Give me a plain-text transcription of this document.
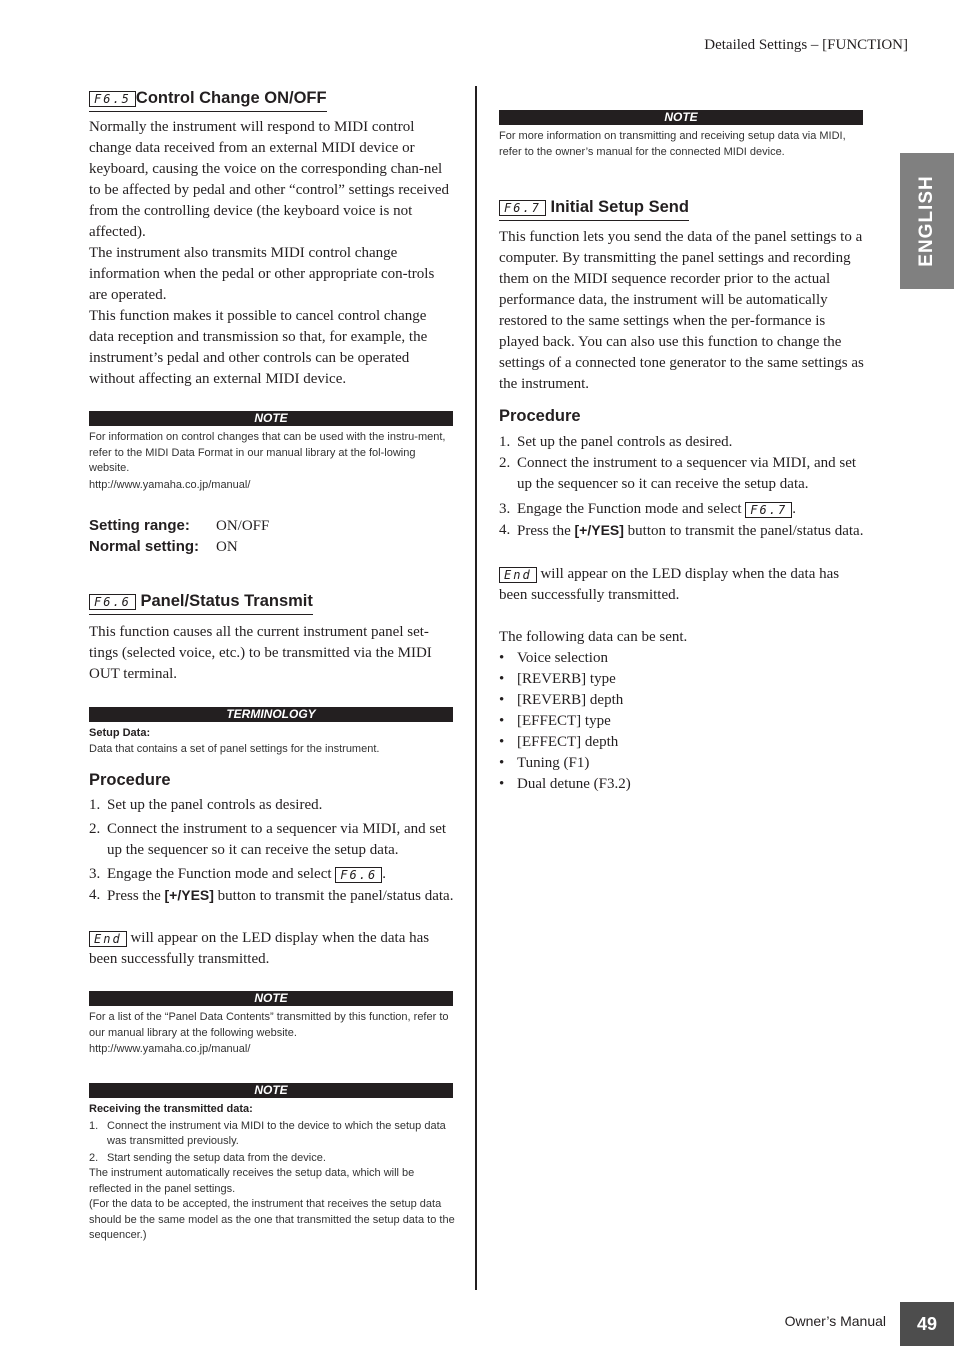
Detailed Settings – [FUNCTION]
ENGLISH
Owner’s Manual	49
F6.5 Control Change ON/OFF

Normally the instrument will respond to MIDI control change data received from an external MIDI device or keyboard, causing the voice on the corresponding chan-nel to be affected by pedal and other “control” settings received from the controlling device (the keyboard voice is not affected).

The instrument also transmits MIDI control change information when the pedal or other appropriate con-trols are operated.

This function makes it possible to cancel control change data reception and transmission so that, for example, the instrument’s pedal and other controls can be operated without affecting an external MIDI device.

NOTE

For information on control changes that can be used with the instru-ment, refer to the MIDI Data Format in our manual library at the fol-lowing website.

http://www.yamaha.co.jp/manual/

Setting range: ON/OFF
Normal setting: ON
F6.6 Panel/Status Transmit

This function causes all the current instrument panel set-tings (selected voice, etc.) to be transmitted via the MIDI OUT terminal.

TERMINOLOGY

Setup Data:

Data that contains a set of panel settings for the instrument.

Procedure
1. Set up the panel controls as desired.
2. Connect the instrument to a sequencer via MIDI, and set up the sequencer so it can receive the setup data.
3. Engage the Function mode and select F6.6 .
4. Press the [+/YES] button to transmit the panel/status data.
End will appear on the LED display when the data has been successfully transmitted.
NOTE

For a list of the “Panel Data Contents” transmitted by this function, refer to our manual library at the following website.

http://www.yamaha.co.jp/manual/

NOTE

Receiving the transmitted data:

1. Connect the instrument via MIDI to the device to which the setup data was transmitted previously.
2. Start sending the setup data from the device.

The instrument automatically receives the setup data, which will be reflected in the panel settings.

(For the data to be accepted, the instrument that receives the setup data should be the same model as the one that transmitted the setup data to the sequencer.)

NOTE

For more information on transmitting and receiving setup data via MIDI, refer to the owner’s manual for the connected MIDI device.

F6.7 Initial Setup Send

This function lets you send the data of the panel settings to a computer. By transmitting the panel settings and recording them on the MIDI sequence recorder prior to the actual performance data, the instrument will be automatically restored to the same settings when the per-formance is played back. You can also use this function to change the settings of a connected tone generator to the same settings as the instrument.

Procedure
1. Set up the panel controls as desired.
2. Connect the instrument to a sequencer via MIDI, and set up the sequencer so it can receive the setup data.
3. Engage the Function mode and select F6.7 .
4. Press the [+/YES] button to transmit the panel/status data.
End will appear on the LED display when the data has been successfully transmitted.
The following data can be sent.
• Voice selection
• [REVERB] type
• [REVERB] depth
• [EFFECT] type
• [EFFECT] depth
• Tuning (F1)
• Dual detune (F3.2)
